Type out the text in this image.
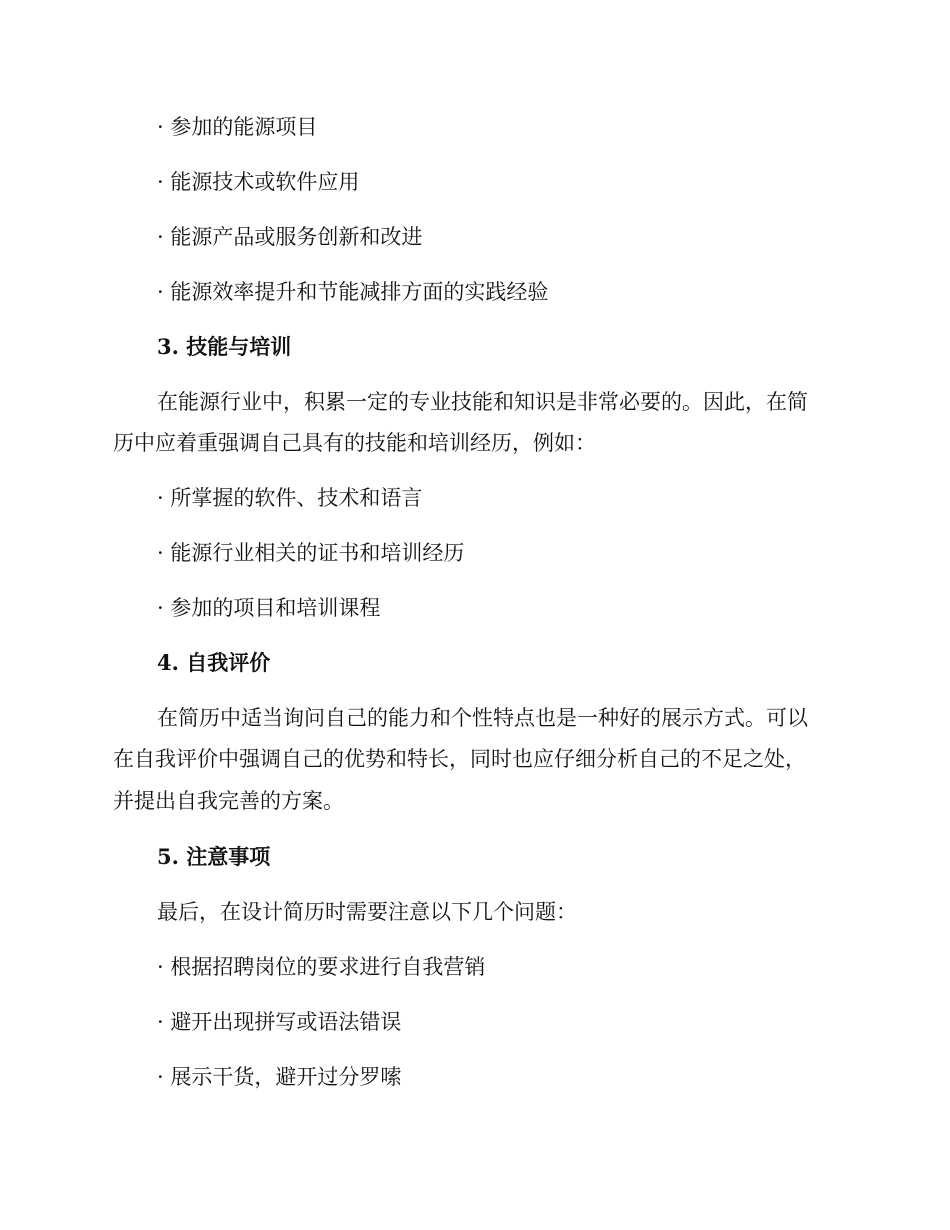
· 参加的能源项目
· 能源技术或软件应用
· 能源产品或服务创新和改进
· 能源效率提升和节能减排方面的实践经验
3. 技能与培训
在能源行业中，积累一定的专业技能和知识是非常必要的。因此，在简
历中应着重强调自己具有的技能和培训经历，例如：
· 所掌握的软件、技术和语言
· 能源行业相关的证书和培训经历
· 参加的项目和培训课程
4. 自我评价
在简历中适当询问自己的能力和个性特点也是一种好的展示方式。可以
在自我评价中强调自己的优势和特长，同时也应仔细分析自己的不足之处，
并提出自我完善的方案。
5. 注意事项
最后，在设计简历时需要注意以下几个问题：
· 根据招聘岗位的要求进行自我营销
· 避开出现拼写或语法错误
· 展示干货，避开过分罗嗦
